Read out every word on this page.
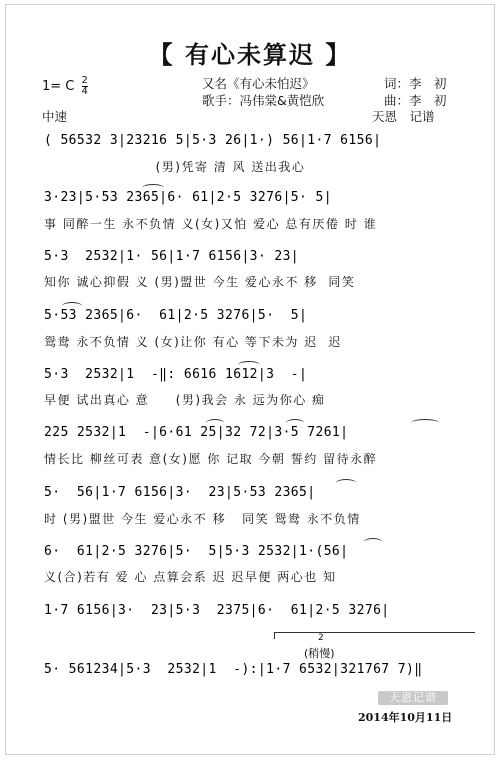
【 有心未算迟 】
又名《有心未怕迟》	词：李　初
1= C $\frac{2}{4}$
歌手：冯伟棠&黄恺欣	曲：李　初
中速	天恩　记谱
( 56532 3|23216 5|5·3 26|1·) 56|1·7 6156|
(男)凭寄 清 风 送出我心
3·23|5·53 2365|6· 61|2·5 3276|5· 5|
事 同醉一生 永不负情 义(女)又怕 爱心 总有厌倦 时 谁
5·3  2532|1· 56|1·7 6156|3· 23|
知你 诚心抑假 义 (男)盟世 今生 爱心永不 移  同笑
5·53 2365|6·  61|2·5 3276|5·  5|
鸳鸯 永不负情 义 (女)让你 有心 等下未为 迟  迟
5·3  2532|1  -‖: 6616 1612|3  -|
早便 试出真心 意     (男)我会 永 远为你心 痴
225 2532|1  -|6·61 25|32 72|3·5 7261|
情长比 柳丝可表 意(女)愿 你 记取 今朝 誓约 留待永醉
5·  56|1·7 6156|3·  23|5·53 2365|
时 (男)盟世 今生 爱心永不 移   同笑 鸳鸯 永不负情
6·  61|2·5 3276|5·  5|5·3 2532|1·(56|
义(合)若有 爱 心 点算会系 迟 迟早便 两心也 知
1·7 6156|3·  23|5·3  2375|6·  61|2·5 3276|
2
(稍慢)
5· 561234|5·3  2532|1  -):|1·7 6532|321767 7)‖
天恩记谱
2014年10月11日
